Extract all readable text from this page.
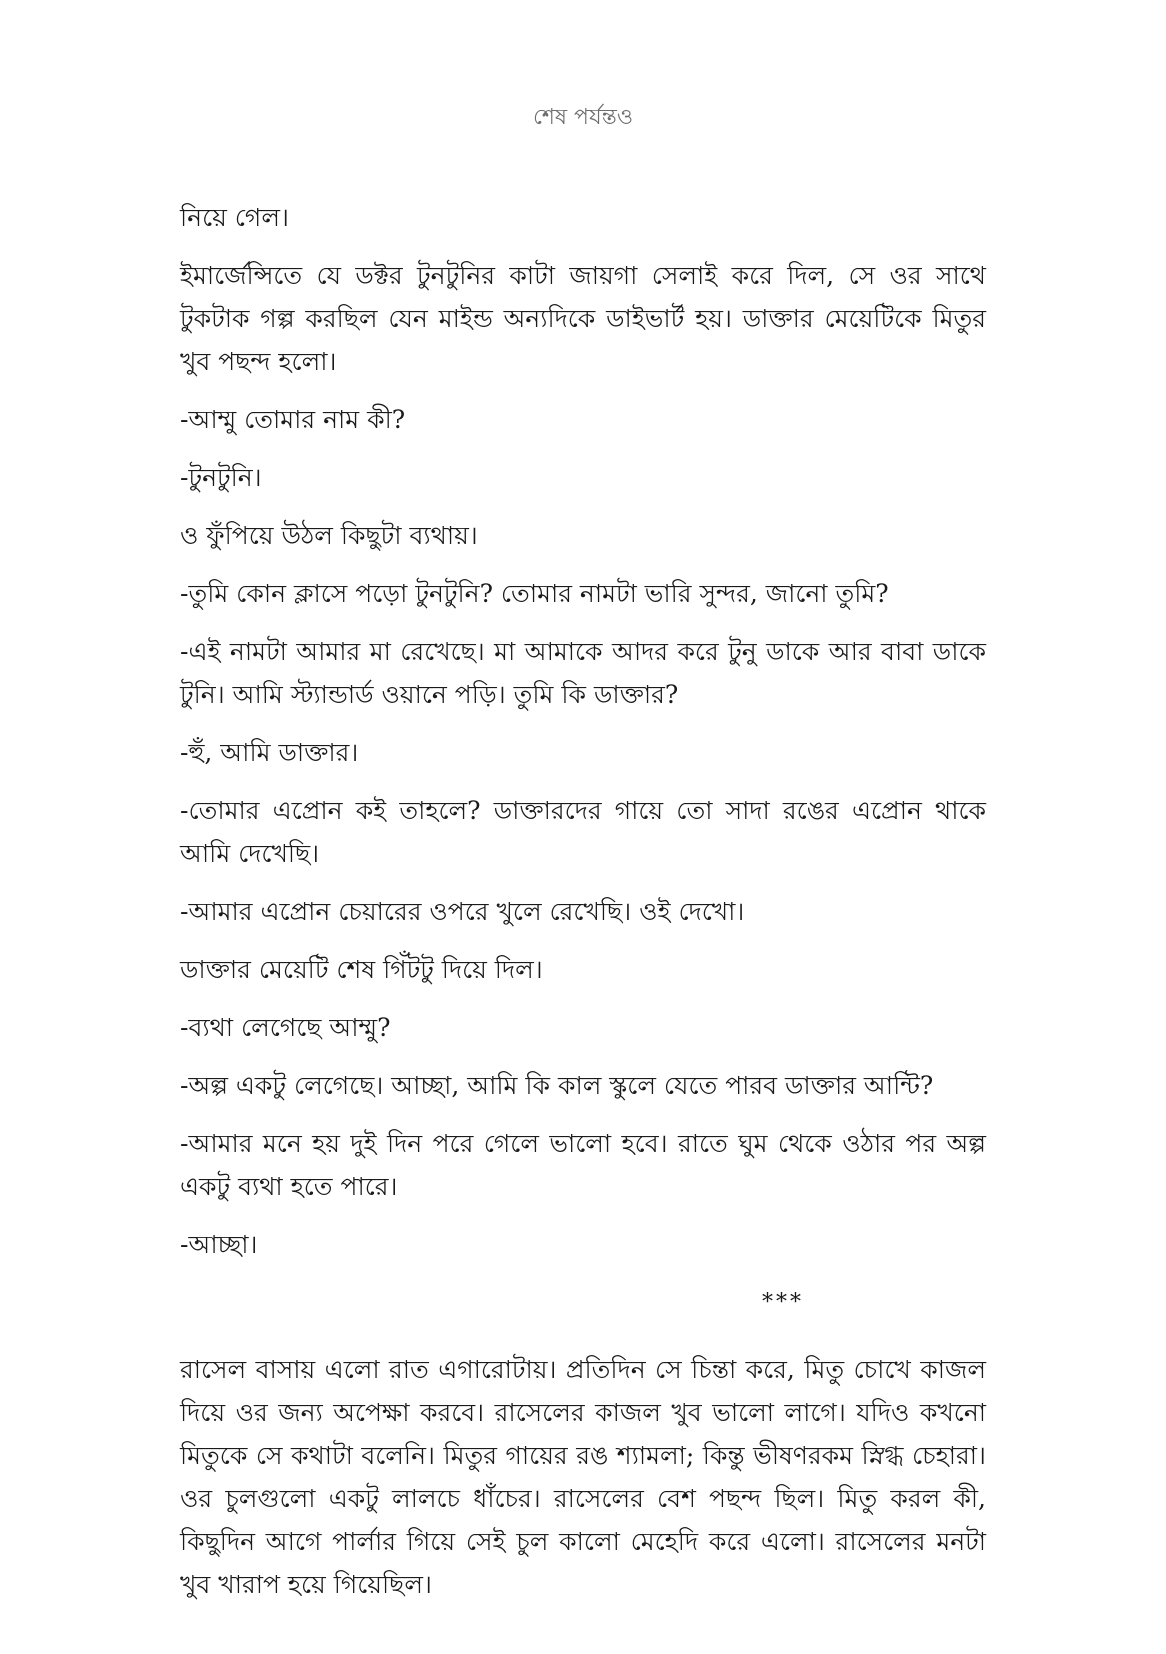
শেষ পর্যন্তও

নিয়ে গেল।

ইমার্জেন্সিতে যে ডক্টর টুনটুনির কাটা জায়গা সেলাই করে দিল, সে ওর সাথে টুকটাক গল্প করছিল যেন মাইন্ড অন্যদিকে ডাইভার্ট হয়। ডাক্তার মেয়েটিকে মিতুর খুব পছন্দ হলো।

-আম্মু তোমার নাম কী?

-টুনটুনি।

ও ফুঁপিয়ে উঠল কিছুটা ব্যথায়।

-তুমি কোন ক্লাসে পড়ো টুনটুনি? তোমার নামটা ভারি সুন্দর, জানো তুমি?

-এই নামটা আমার মা রেখেছে। মা আমাকে আদর করে টুনু ডাকে আর বাবা ডাকে টুনি। আমি স্ট্যান্ডার্ড ওয়ানে পড়ি। তুমি কি ডাক্তার?

-হুঁ, আমি ডাক্তার।

-তোমার এপ্রোন কই তাহলে? ডাক্তারদের গায়ে তো সাদা রঙের এপ্রোন থাকে আমি দেখেছি।

-আমার এপ্রোন চেয়ারের ওপরে খুলে রেখেছি। ওই দেখো।

ডাক্তার মেয়েটি শেষ গিঁটটু দিয়ে দিল।

-ব্যথা লেগেছে আম্মু?

-অল্প একটু লেগেছে। আচ্ছা, আমি কি কাল স্কুলে যেতে পারব ডাক্তার আন্টি?

-আমার মনে হয় দুই দিন পরে গেলে ভালো হবে। রাতে ঘুম থেকে ওঠার পর অল্প একটু ব্যথা হতে পারে।

-আচ্ছা।

***

রাসেল বাসায় এলো রাত এগারোটায়। প্রতিদিন সে চিন্তা করে, মিতু চোখে কাজল দিয়ে ওর জন্য অপেক্ষা করবে। রাসেলের কাজল খুব ভালো লাগে। যদিও কখনো মিতুকে সে কথাটা বলেনি। মিতুর গায়ের রঙ শ্যামলা; কিন্তু ভীষণরকম স্নিগ্ধ চেহারা। ওর চুলগুলো একটু লালচে ধাঁচের। রাসেলের বেশ পছন্দ ছিল। মিতু করল কী, কিছুদিন আগে পার্লার গিয়ে সেই চুল কালো মেহেদি করে এলো। রাসেলের মনটা খুব খারাপ হয়ে গিয়েছিল।
